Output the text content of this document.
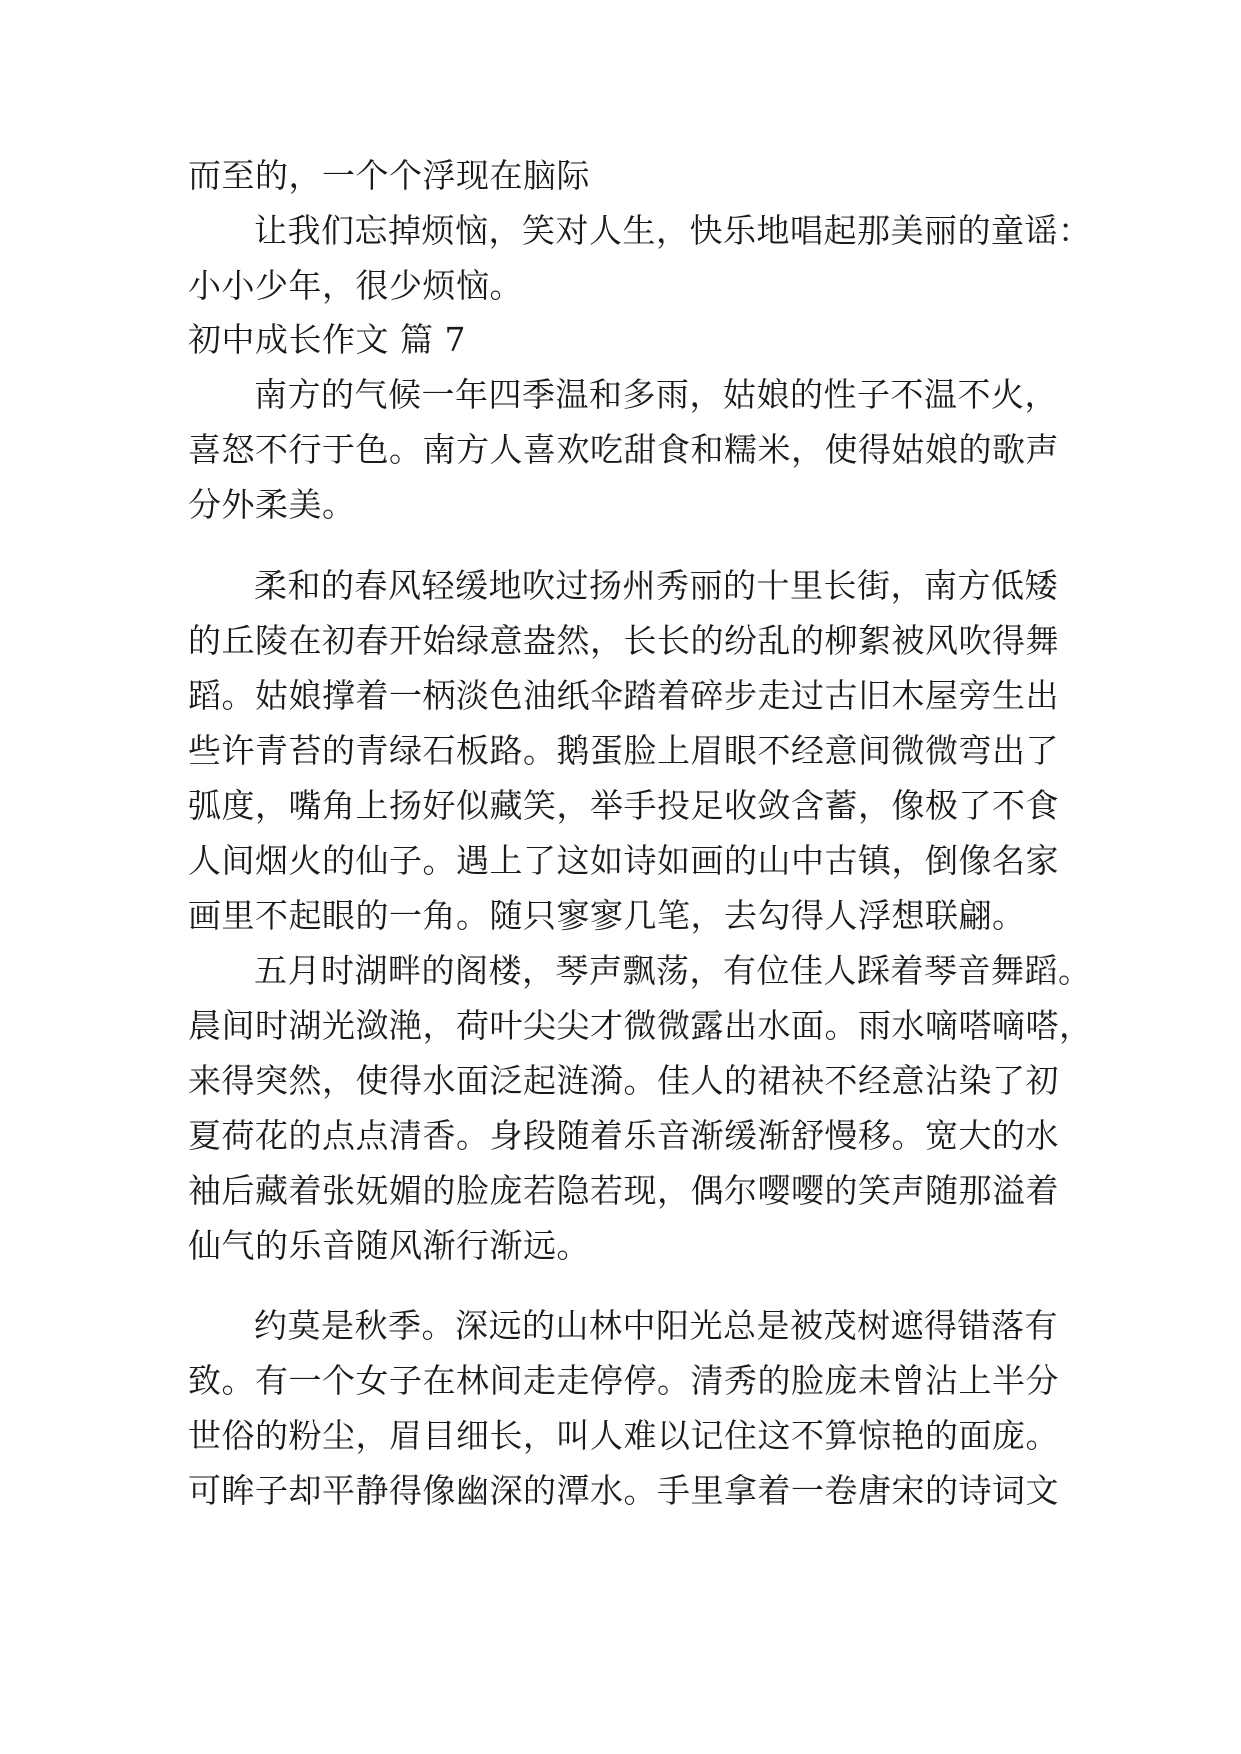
而至的，一个个浮现在脑际
让我们忘掉烦恼，笑对人生，快乐地唱起那美丽的童谣：
小小少年，很少烦恼。
初中成长作文 篇 7
南方的气候一年四季温和多雨，姑娘的性子不温不火，
喜怒不行于色。南方人喜欢吃甜食和糯米，使得姑娘的歌声
分外柔美。
柔和的春风轻缓地吹过扬州秀丽的十里长街，南方低矮
的丘陵在初春开始绿意盎然，长长的纷乱的柳絮被风吹得舞
蹈。姑娘撑着一柄淡色油纸伞踏着碎步走过古旧木屋旁生出
些许青苔的青绿石板路。鹅蛋脸上眉眼不经意间微微弯出了
弧度，嘴角上扬好似藏笑，举手投足收敛含蓄，像极了不食
人间烟火的仙子。遇上了这如诗如画的山中古镇，倒像名家
画里不起眼的一角。随只寥寥几笔，去勾得人浮想联翩。
五月时湖畔的阁楼，琴声飘荡，有位佳人踩着琴音舞蹈。
晨间时湖光潋滟，荷叶尖尖才微微露出水面。雨水嘀嗒嘀嗒，
来得突然，使得水面泛起涟漪。佳人的裙袂不经意沾染了初
夏荷花的点点清香。身段随着乐音渐缓渐舒慢移。宽大的水
袖后藏着张妩媚的脸庞若隐若现，偶尔嘤嘤的笑声随那溢着
仙气的乐音随风渐行渐远。
约莫是秋季。深远的山林中阳光总是被茂树遮得错落有
致。有一个女子在林间走走停停。清秀的脸庞未曾沾上半分
世俗的粉尘，眉目细长，叫人难以记住这不算惊艳的面庞。
可眸子却平静得像幽深的潭水。手里拿着一卷唐宋的诗词文
